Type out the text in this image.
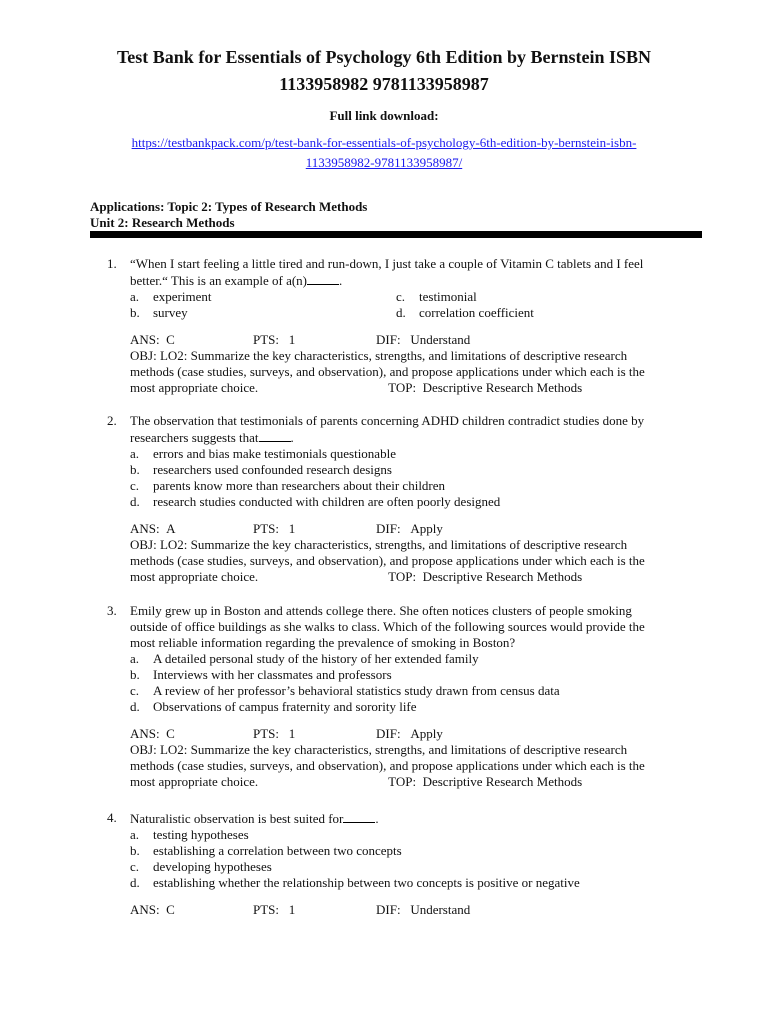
Test Bank for Essentials of Psychology 6th Edition by Bernstein ISBN
1133958982 9781133958987
Full link download:
https://testbankpack.com/p/test-bank-for-essentials-of-psychology-6th-edition-by-bernstein-isbn-
1133958982-9781133958987/
Applications: Topic 2: Types of Research Methods
Unit 2: Research Methods
1. “When I start feeling a little tired and run-down, I just take a couple of Vitamin C tablets and I feel
better.“ This is an example of a(n) .
a. experiment	c. testimonial
b. survey	d. correlation coefficient
ANS: C	PTS: 1	DIF: Understand
OBJ: LO2: Summarize the key characteristics, strengths, and limitations of descriptive research
methods (case studies, surveys, and observation), and propose applications under which each is the
most appropriate choice.	TOP: Descriptive Research Methods
2. The observation that testimonials of parents concerning ADHD children contradict studies done by
researchers suggests that .
a. errors and bias make testimonials questionable
b. researchers used confounded research designs
c. parents know more than researchers about their children
d. research studies conducted with children are often poorly designed
ANS: A	PTS: 1	DIF: Apply
OBJ: LO2: Summarize the key characteristics, strengths, and limitations of descriptive research
methods (case studies, surveys, and observation), and propose applications under which each is the
most appropriate choice.	TOP: Descriptive Research Methods
3. Emily grew up in Boston and attends college there. She often notices clusters of people smoking
outside of office buildings as she walks to class. Which of the following sources would provide the
most reliable information regarding the prevalence of smoking in Boston?
a. A detailed personal study of the history of her extended family
b. Interviews with her classmates and professors
c. A review of her professor’s behavioral statistics study drawn from census data
d. Observations of campus fraternity and sorority life
ANS: C	PTS: 1	DIF: Apply
OBJ: LO2: Summarize the key characteristics, strengths, and limitations of descriptive research
methods (case studies, surveys, and observation), and propose applications under which each is the
most appropriate choice.	TOP: Descriptive Research Methods
4. Naturalistic observation is best suited for .
a. testing hypotheses
b. establishing a correlation between two concepts
c. developing hypotheses
d. establishing whether the relationship between two concepts is positive or negative
ANS: C	PTS: 1	DIF: Understand
